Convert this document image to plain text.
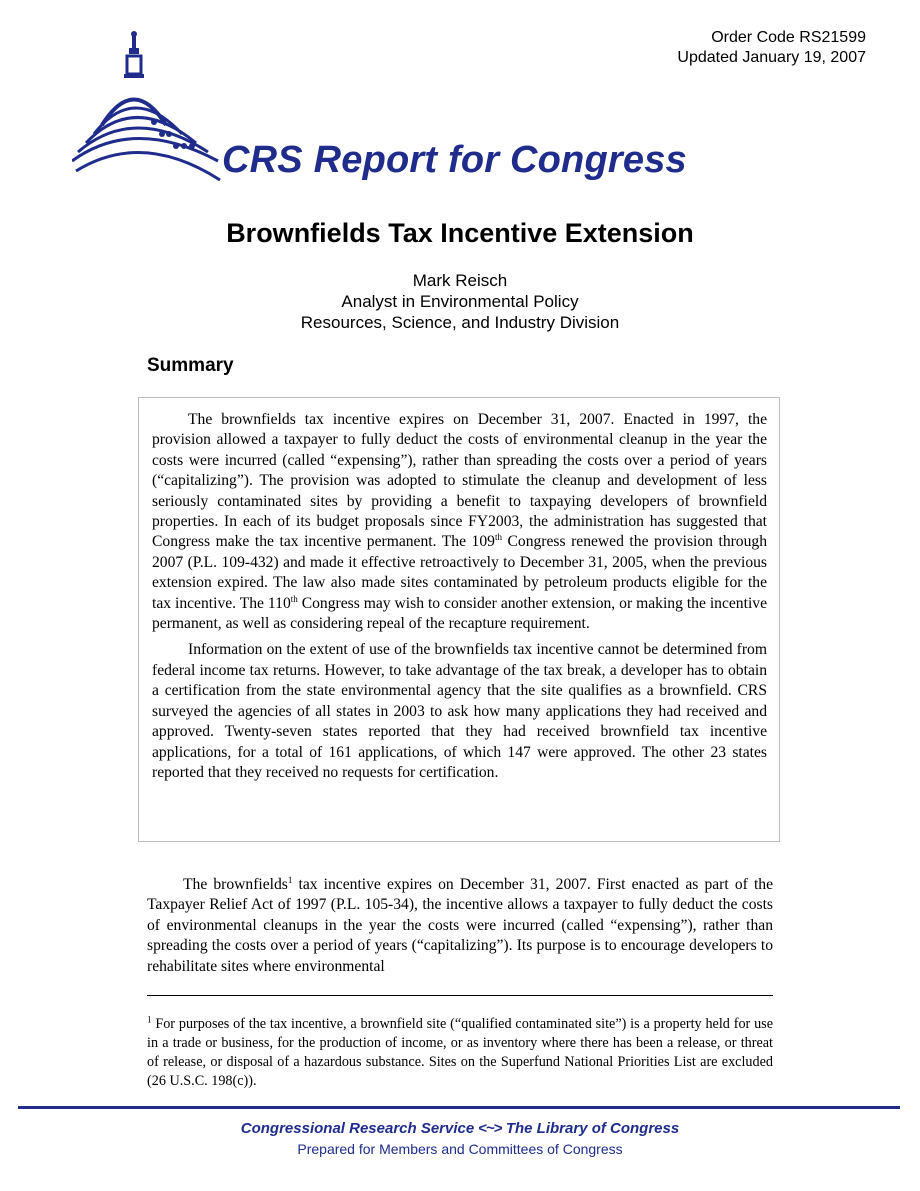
Order Code RS21599
Updated January 19, 2007
CRS Report for Congress
Brownfields Tax Incentive Extension
Mark Reisch
Analyst in Environmental Policy
Resources, Science, and Industry Division
Summary

The brownfields tax incentive expires on December 31, 2007. Enacted in 1997, the provision allowed a taxpayer to fully deduct the costs of environmental cleanup in the year the costs were incurred (called “expensing”), rather than spreading the costs over a period of years (“capitalizing”). The provision was adopted to stimulate the cleanup and development of less seriously contaminated sites by providing a benefit to taxpaying developers of brownfield properties. In each of its budget proposals since FY2003, the administration has suggested that Congress make the tax incentive permanent. The 109th Congress renewed the provision through 2007 (P.L. 109-432) and made it effective retroactively to December 31, 2005, when the previous extension expired. The law also made sites contaminated by petroleum products eligible for the tax incentive. The 110th Congress may wish to consider another extension, or making the incentive permanent, as well as considering repeal of the recapture requirement.

Information on the extent of use of the brownfields tax incentive cannot be determined from federal income tax returns. However, to take advantage of the tax break, a developer has to obtain a certification from the state environmental agency that the site qualifies as a brownfield. CRS surveyed the agencies of all states in 2003 to ask how many applications they had received and approved. Twenty-seven states reported that they had received brownfield tax incentive applications, for a total of 161 applications, of which 147 were approved. The other 23 states reported that they received no requests for certification.

The brownfields$^1$ tax incentive expires on December 31, 2007. First enacted as part of the Taxpayer Relief Act of 1997 (P.L. 105-34), the incentive allows a taxpayer to fully deduct the costs of environmental cleanups in the year the costs were incurred (called “expensing”), rather than spreading the costs over a period of years (“capitalizing”). Its purpose is to encourage developers to rehabilitate sites where environmental

$^1$ For purposes of the tax incentive, a brownfield site (“qualified contaminated site”) is a property held for use in a trade or business, for the production of income, or as inventory where there has been a release, or threat of release, or disposal of a hazardous substance. Sites on the Superfund National Priorities List are excluded (26 U.S.C. 198(c)).

Congressional Research Service <~> The Library of Congress
Prepared for Members and Committees of Congress
